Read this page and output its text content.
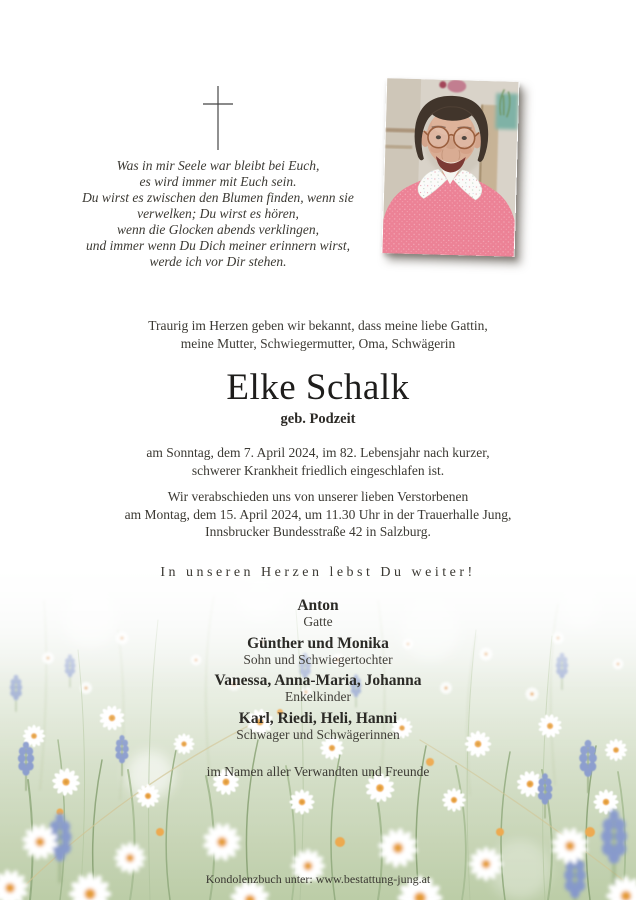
Was in mir Seele war bleibt bei Euch,
es wird immer mit Euch sein.
Du wirst es zwischen den Blumen finden, wenn sie
verwelken; Du wirst es hören,
wenn die Glocken abends verklingen,
und immer wenn Du Dich meiner erinnern wirst,
werde ich vor Dir stehen.
Traurig im Herzen geben wir bekannt, dass meine liebe Gattin,
meine Mutter, Schwiegermutter, Oma, Schwägerin
Elke Schalk
geb. Podzeit
am Sonntag, dem 7. April 2024, im 82. Lebensjahr nach kurzer,
schwerer Krankheit friedlich eingeschlafen ist.
Wir verabschieden uns von unserer lieben Verstorbenen
am Montag, dem 15. April 2024, um 11.30 Uhr in der Trauerhalle Jung,
Innsbrucker Bundesstraße 42 in Salzburg.
In unseren Herzen lebst Du weiter!
Anton
Gatte
Günther und Monika
Sohn und Schwiegertochter
Vanessa, Anna-Maria, Johanna
Enkelkinder
Karl, Riedi, Heli, Hanni
Schwager und Schwägerinnen
im Namen aller Verwandten und Freunde
Kondolenzbuch unter: www.bestattung-jung.at
